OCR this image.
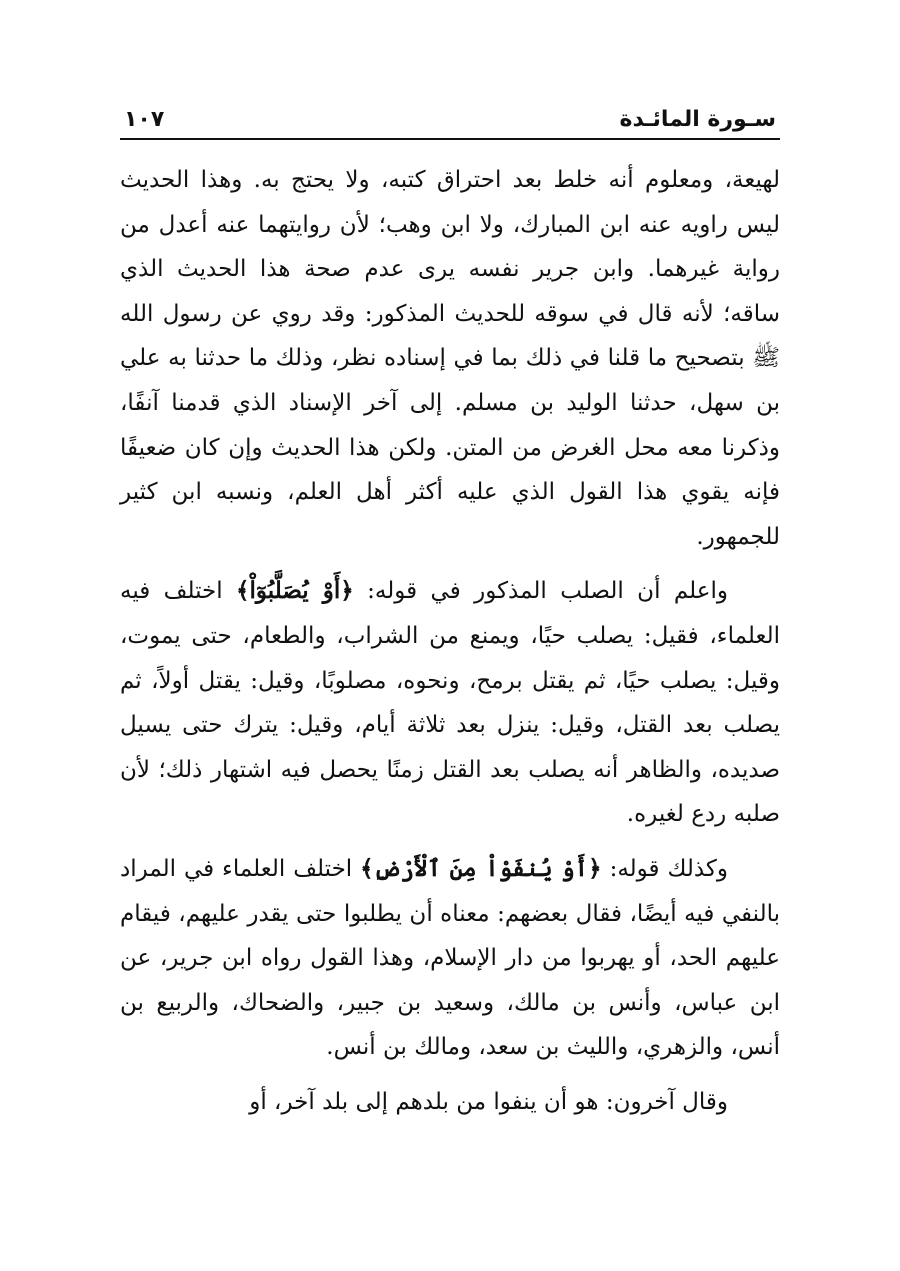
سـورة المائـدة
١٠٧

لهيعة، ومعلوم أنه خلط بعد احتراق كتبه، ولا يحتج به. وهذا الحديث ليس راويه عنه ابن المبارك، ولا ابن وهب؛ لأن روايتهما عنه أعدل من رواية غيرهما. وابن جرير نفسه يرى عدم صحة هذا الحديث الذي ساقه؛ لأنه قال في سوقه للحديث المذكور: وقد روي عن رسول الله ﷺ بتصحيح ما قلنا في ذلك بما في إسناده نظر، وذلك ما حدثنا به علي بن سهل، حدثنا الوليد بن مسلم. إلى آخر الإسناد الذي قدمنا آنفًا، وذكرنا معه محل الغرض من المتن. ولكن هذا الحديث وإن كان ضعيفًا فإنه يقوي هذا القول الذي عليه أكثر أهل العلم، ونسبه ابن كثير للجمهور.

واعلم أن الصلب المذكور في قوله: ﴿أَوْ يُصَلَّبُوٓاْ﴾ اختلف فيه العلماء، فقيل: يصلب حيًا، ويمنع من الشراب، والطعام، حتى يموت، وقيل: يصلب حيًا، ثم يقتل برمح، ونحوه، مصلوبًا، وقيل: يقتل أولاً، ثم يصلب بعد القتل، وقيل: ينزل بعد ثلاثة أيام، وقيل: يترك حتى يسيل صديده، والظاهر أنه يصلب بعد القتل زمنًا يحصل فيه اشتهار ذلك؛ لأن صلبه ردع لغيره.

وكذلك قوله: ﴿أَوْ يُنفَوْاْ مِنَ ٱلْأَرْضِ﴾ اختلف العلماء في المراد بالنفي فيه أيضًا، فقال بعضهم: معناه أن يطلبوا حتى يقدر عليهم، فيقام عليهم الحد، أو يهربوا من دار الإسلام، وهذا القول رواه ابن جرير، عن ابن عباس، وأنس بن مالك، وسعيد بن جبير، والضحاك، والربيع بن أنس، والزهري، والليث بن سعد، ومالك بن أنس.

وقال آخرون: هو أن ينفوا من بلدهم إلى بلد آخر، أو
